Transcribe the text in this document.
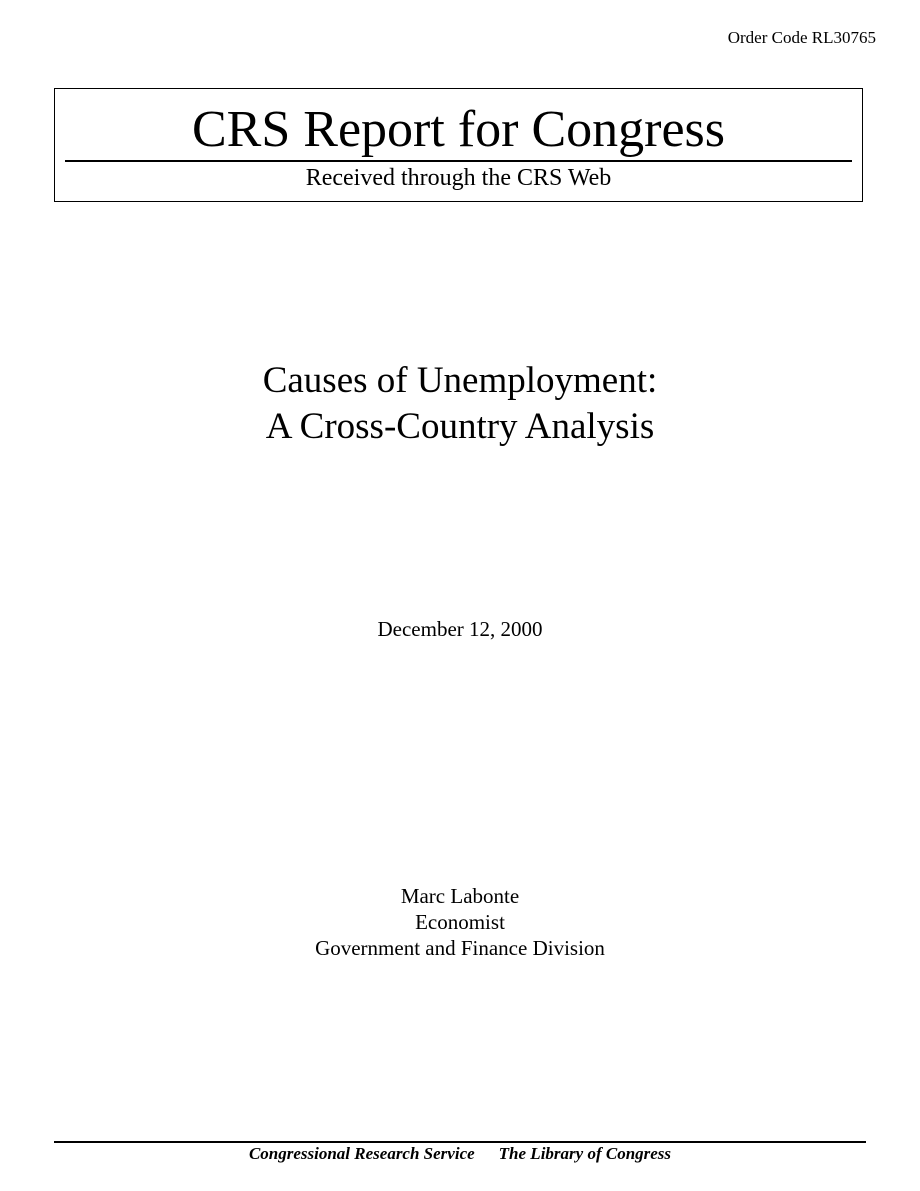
Order Code RL30765
CRS Report for Congress
Received through the CRS Web
Causes of Unemployment:
A Cross-Country Analysis
December 12, 2000
Marc Labonte
Economist
Government and Finance Division
Congressional Research Service The Library of Congress
